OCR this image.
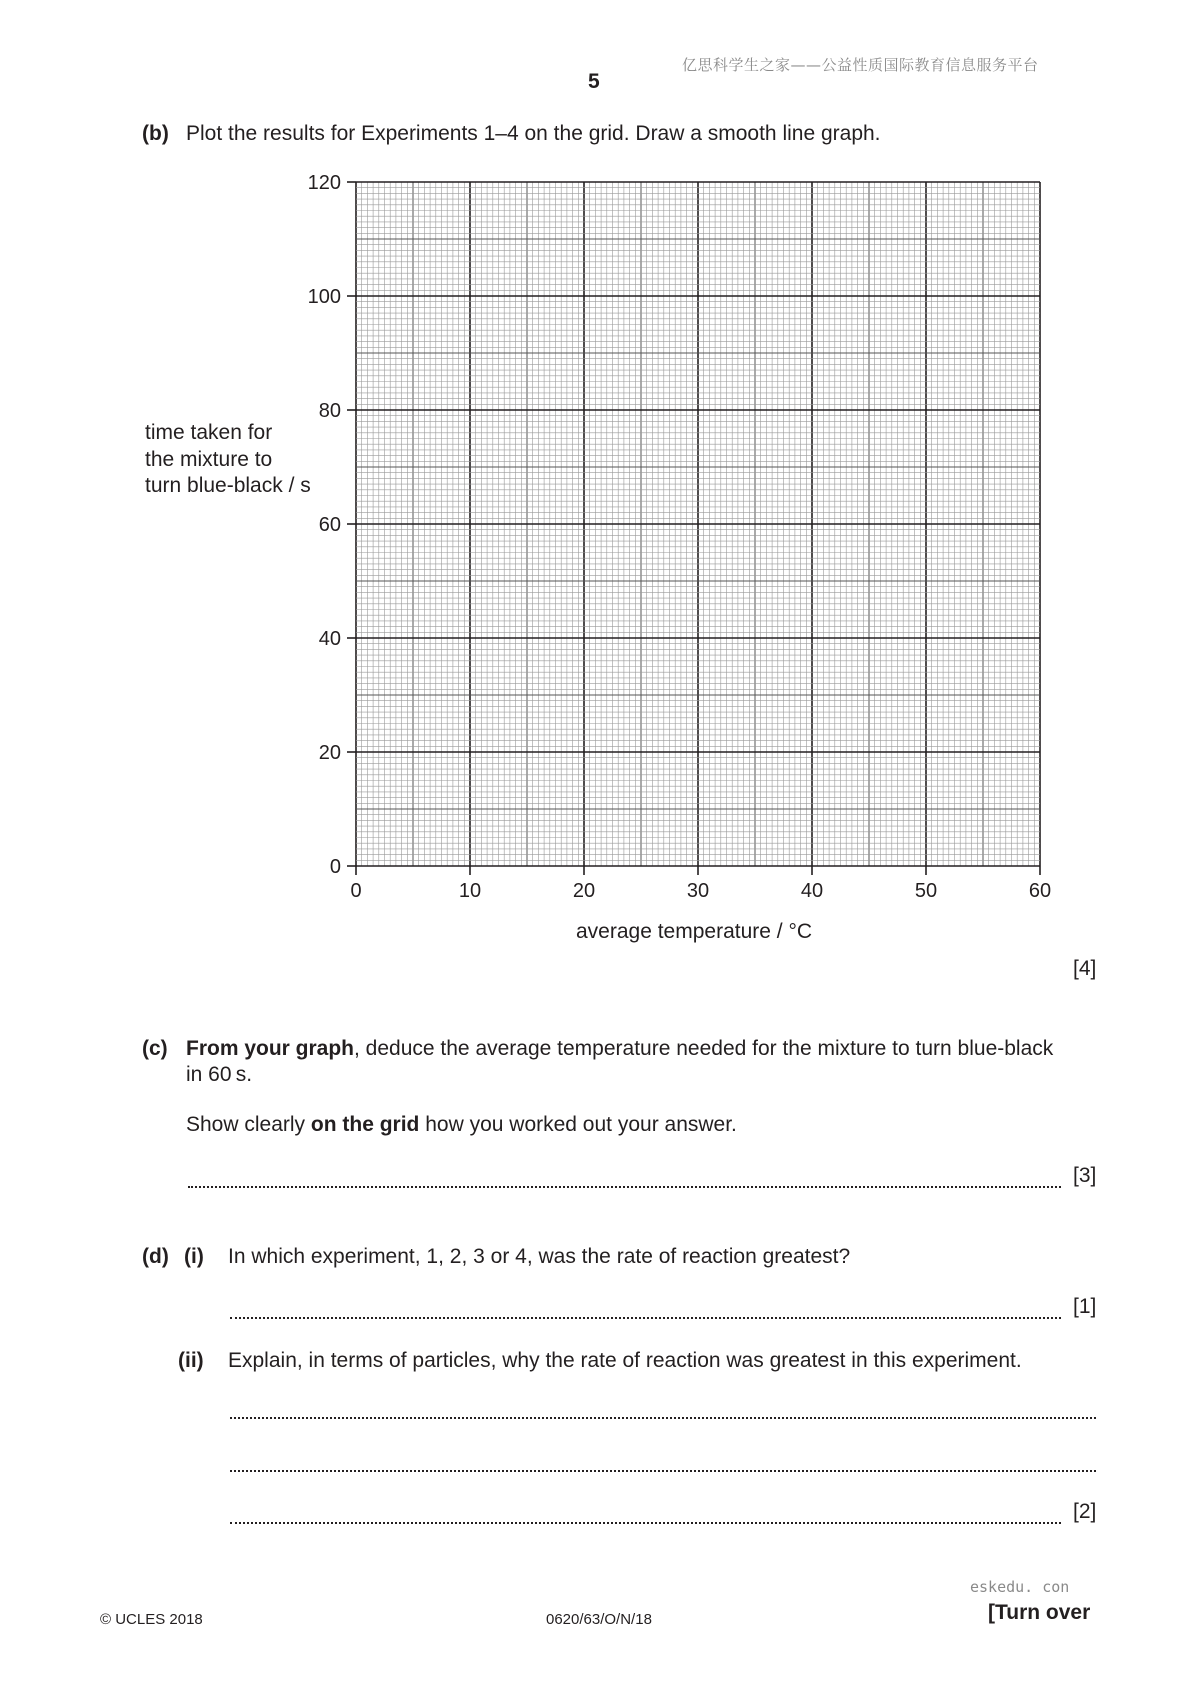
亿思科学生之家——公益性质国际教育信息服务平台
5
(b) Plot the results for Experiments 1–4 on the grid. Draw a smooth line graph.
time taken for
the mixture to
turn blue-black / s
120
100
80
60
40
20
0
0	10	20	30	40	50	60
average temperature / °C
[4]
(c) From your graph, deduce the average temperature needed for the mixture to turn blue-black
in 60 s.
Show clearly on the grid how you worked out your answer.
[3]
(d) (i) In which experiment, 1, 2, 3 or 4, was the rate of reaction greatest?
[1]
(ii) Explain, in terms of particles, why the rate of reaction was greatest in this experiment.
[2]
eskedu. con
© UCLES 2018	0620/63/O/N/18	[Turn over
